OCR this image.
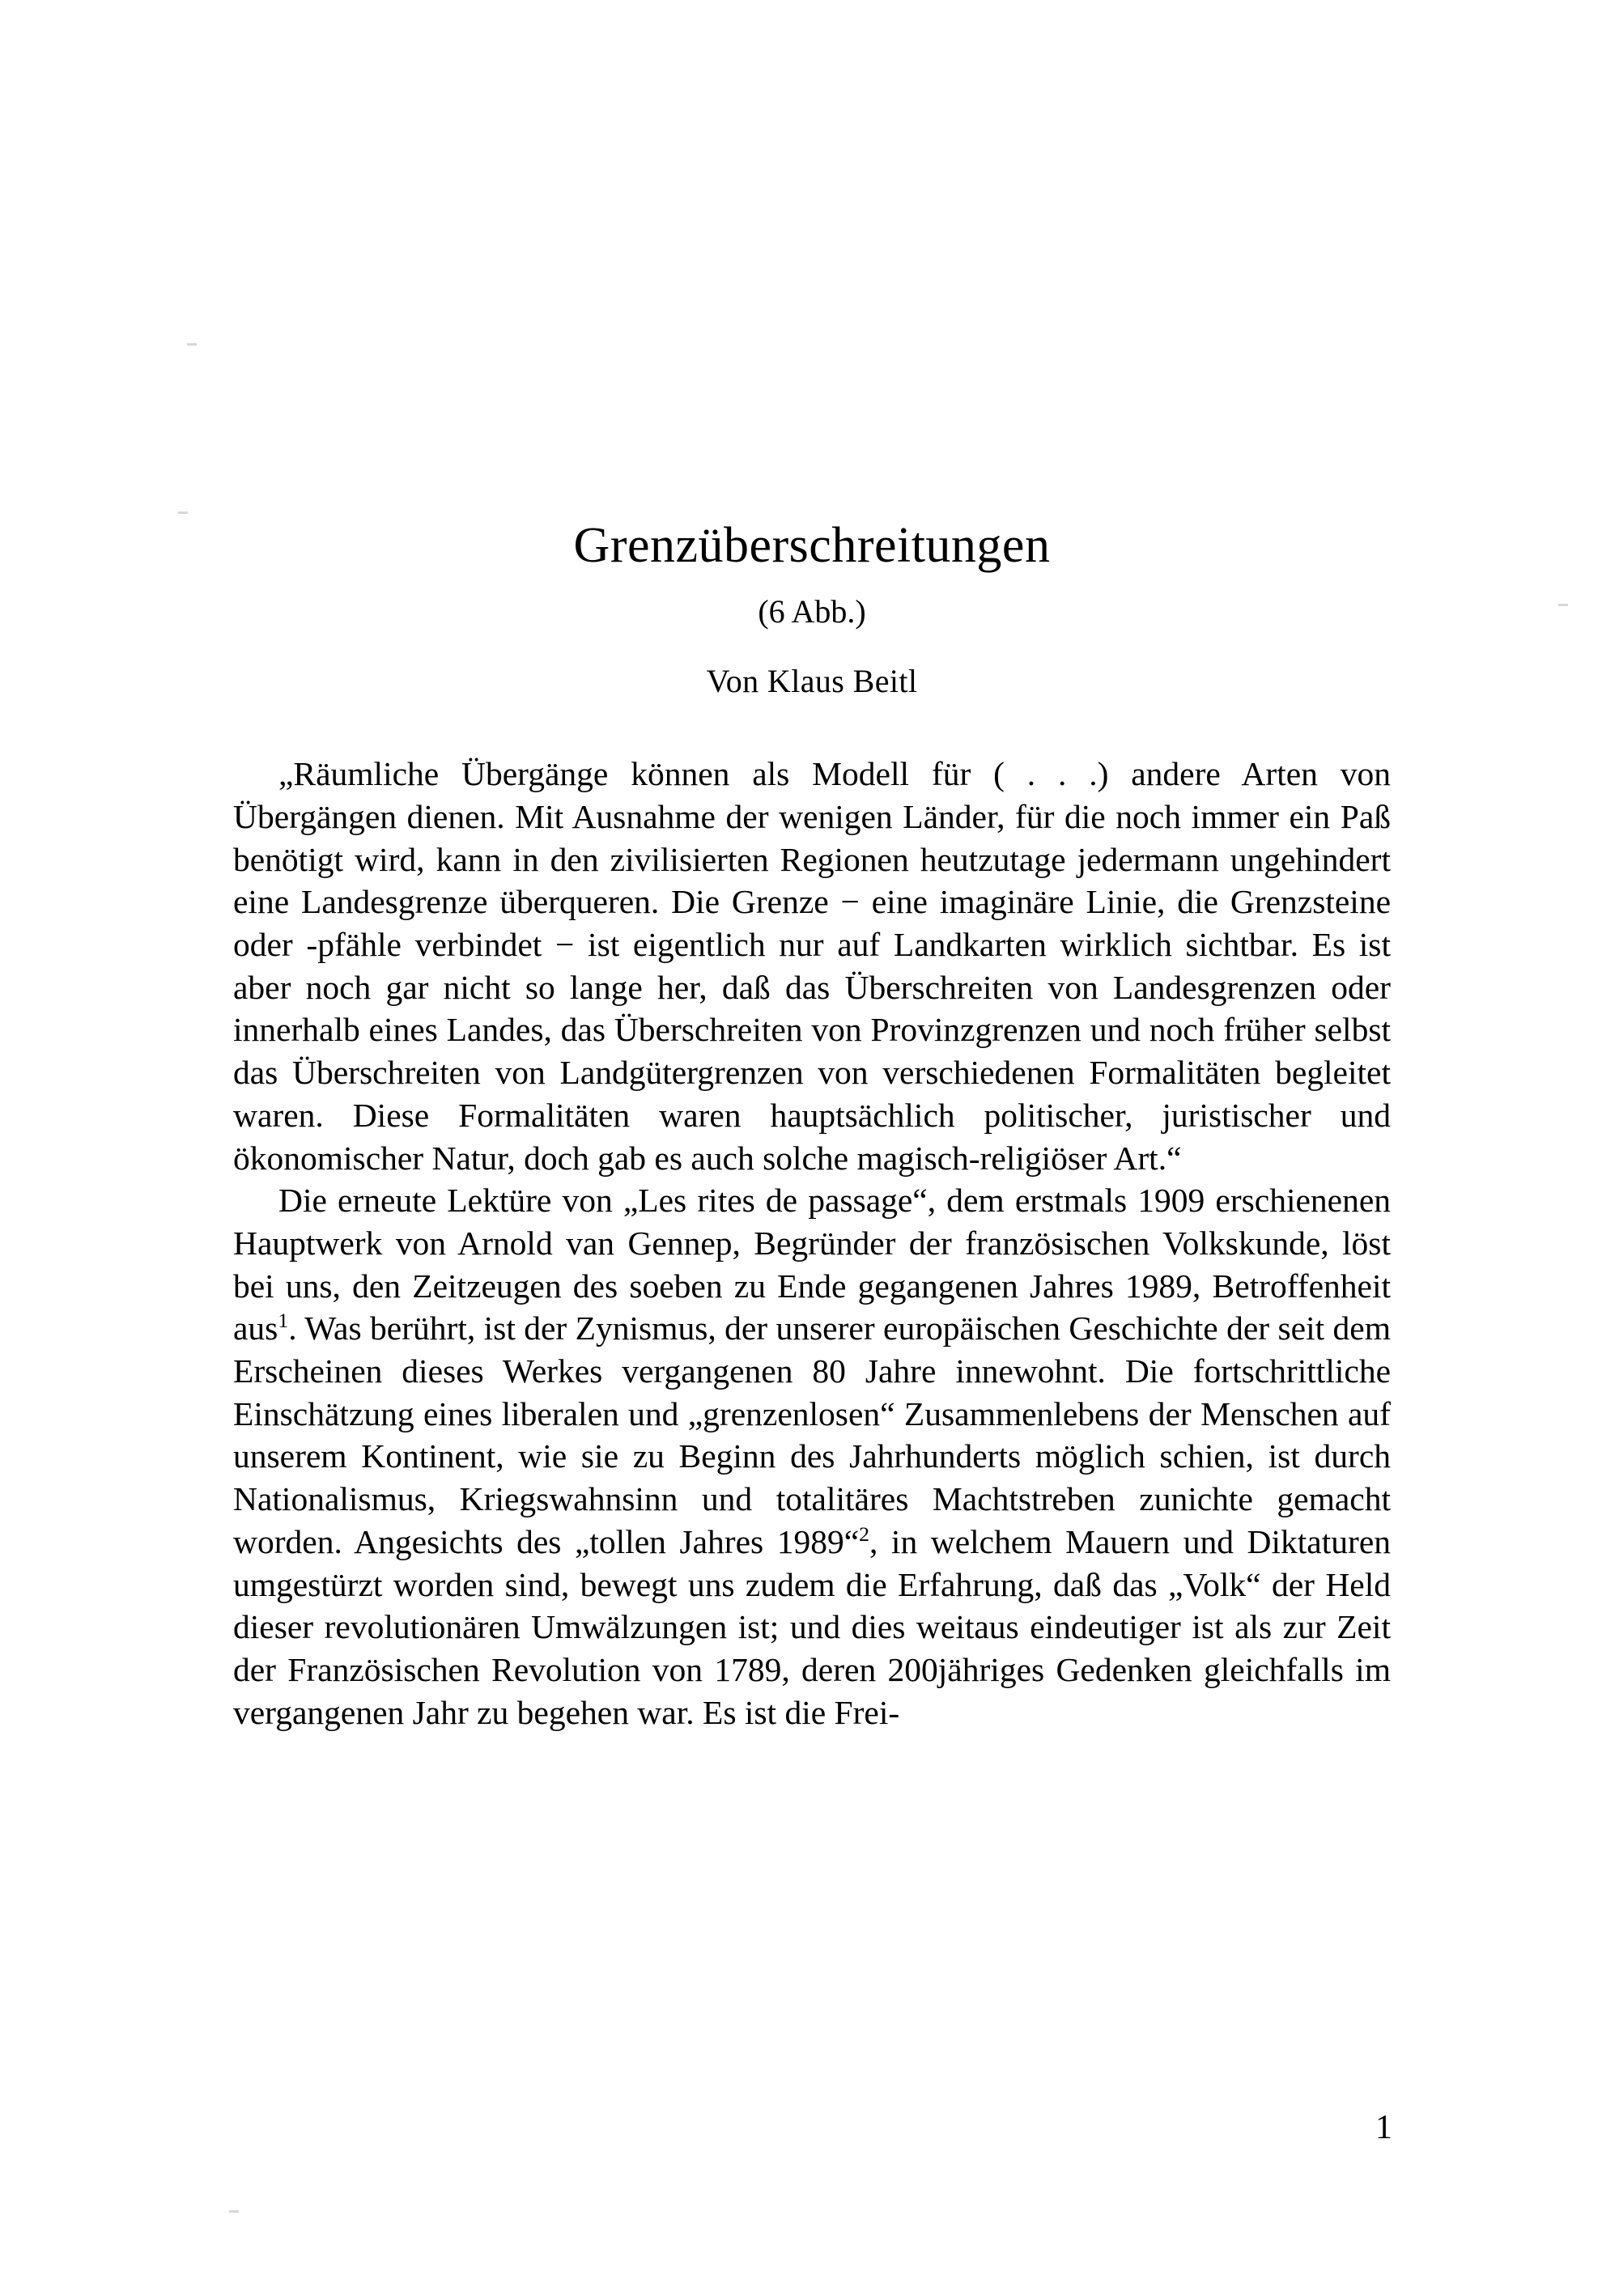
Grenzüberschreitungen
(6 Abb.)
Von Klaus Beitl

„Räumliche Übergänge können als Modell für ( . . .) andere Arten von Übergängen dienen. Mit Ausnahme der wenigen Länder, für die noch immer ein Paß benötigt wird, kann in den zivilisierten Regionen heutzutage jedermann ungehindert eine Landesgrenze überqueren. Die Grenze − eine imaginäre Linie, die Grenzsteine oder -pfähle verbindet − ist eigentlich nur auf Landkarten wirklich sichtbar. Es ist aber noch gar nicht so lange her, daß das Überschreiten von Landesgrenzen oder innerhalb eines Landes, das Überschreiten von Provinzgrenzen und noch früher selbst das Überschreiten von Landgütergrenzen von verschiedenen Formalitäten begleitet waren. Diese Formalitäten waren hauptsächlich politischer, juristischer und ökonomischer Natur, doch gab es auch solche magisch-religiöser Art.“

Die erneute Lektüre von „Les rites de passage“, dem erstmals 1909 erschienenen Hauptwerk von Arnold van Gennep, Begründer der französischen Volkskunde, löst bei uns, den Zeitzeugen des soeben zu Ende gegangenen Jahres 1989, Betroffenheit aus$^1$. Was berührt, ist der Zynismus, der unserer europäischen Geschichte der seit dem Erscheinen dieses Werkes vergangenen 80 Jahre innewohnt. Die fortschrittliche Einschätzung eines liberalen und „grenzenlosen“ Zusammenlebens der Menschen auf unserem Kontinent, wie sie zu Beginn des Jahrhunderts möglich schien, ist durch Nationalismus, Kriegswahnsinn und totalitäres Machtstreben zunichte gemacht worden. Angesichts des „tollen Jahres 1989“$^2$, in welchem Mauern und Diktaturen umgestürzt worden sind, bewegt uns zudem die Erfahrung, daß das „Volk“ der Held dieser revolutionären Umwälzungen ist; und dies weitaus eindeutiger ist als zur Zeit der Französischen Revolution von 1789, deren 200jähriges Gedenken gleichfalls im vergangenen Jahr zu begehen war. Es ist die Frei-

1
